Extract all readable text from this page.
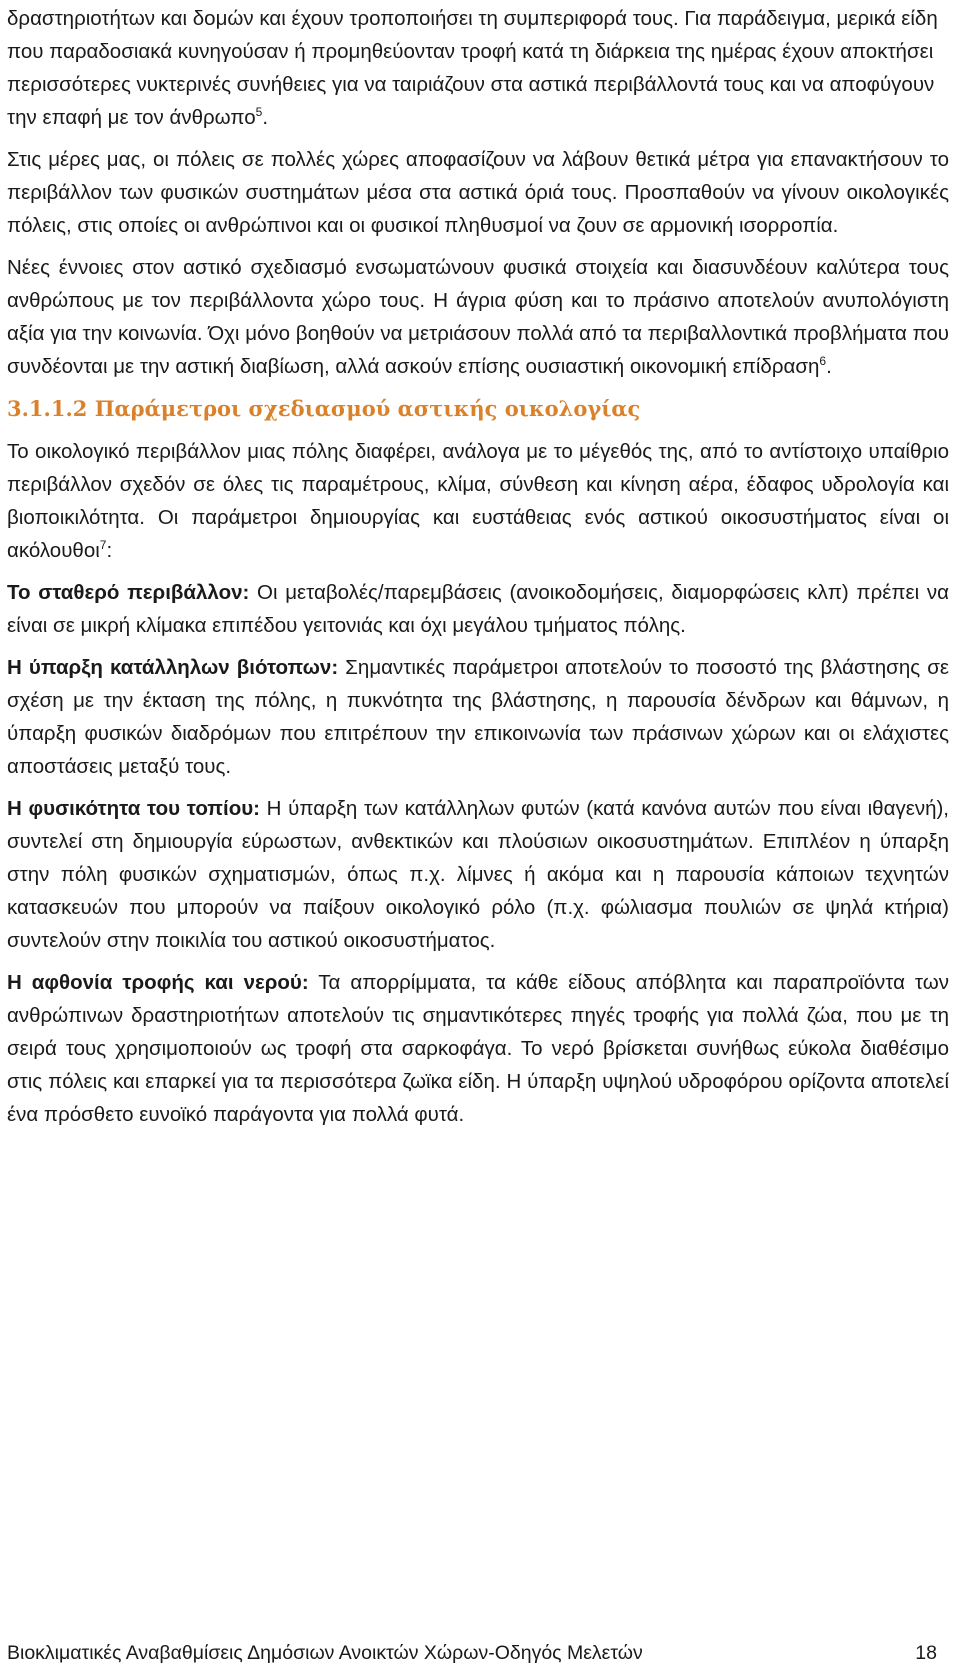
δραστηριοτήτων και δομών και έχουν τροποποιήσει τη συμπεριφορά τους. Για παράδειγμα, μερικά είδη που παραδοσιακά κυνηγούσαν ή προμηθεύονταν τροφή κατά τη διάρκεια της ημέρας έχουν αποκτήσει περισσότερες νυκτερινές συνήθειες για να ταιριάζουν στα αστικά περιβάλλοντά τους και να αποφύγουν την επαφή με τον άνθρωπο$^5$.

Στις μέρες μας, οι πόλεις σε πολλές χώρες αποφασίζουν να λάβουν θετικά μέτρα για επανακτήσουν το περιβάλλον των φυσικών συστημάτων μέσα στα αστικά όριά τους. Προσπαθούν να γίνουν οικολογικές πόλεις, στις οποίες οι ανθρώπινοι και οι φυσικοί πληθυσμοί να ζουν σε αρμονική ισορροπία.

Νέες έννοιες στον αστικό σχεδιασμό ενσωματώνουν φυσικά στοιχεία και διασυνδέουν καλύτερα τους ανθρώπους με τον περιβάλλοντα χώρο τους. Η άγρια φύση και το πράσινο αποτελούν ανυπολόγιστη αξία για την κοινωνία. Όχι μόνο βοηθούν να μετριάσουν πολλά από τα περιβαλλοντικά προβλήματα που συνδέονται με την αστική διαβίωση, αλλά ασκούν επίσης ουσιαστική οικονομική επίδραση$^6$.

3.1.1.2 Παράμετροι σχεδιασμού αστικής οικολογίας

Το οικολογικό περιβάλλον μιας πόλης διαφέρει, ανάλογα με το μέγεθός της, από το αντίστοιχο υπαίθριο περιβάλλον σχεδόν σε όλες τις παραμέτρους, κλίμα, σύνθεση και κίνηση αέρα, έδαφος υδρολογία και βιοποικιλότητα. Οι παράμετροι δημιουργίας και ευστάθειας ενός αστικού οικοσυστήματος είναι οι ακόλουθοι$^7$:

Το σταθερό περιβάλλον: Οι μεταβολές/παρεμβάσεις (ανοικοδομήσεις, διαμορφώσεις κλπ) πρέπει να είναι σε μικρή κλίμακα επιπέδου γειτονιάς και όχι μεγάλου τμήματος πόλης.

Η ύπαρξη κατάλληλων βιότοπων: Σημαντικές παράμετροι αποτελούν το ποσοστό της βλάστησης σε σχέση με την έκταση της πόλης, η πυκνότητα της βλάστησης, η παρουσία δένδρων και θάμνων, η ύπαρξη φυσικών διαδρόμων που επιτρέπουν την επικοινωνία των πράσινων χώρων και οι ελάχιστες αποστάσεις μεταξύ τους.

Η φυσικότητα του τοπίου: Η ύπαρξη των κατάλληλων φυτών (κατά κανόνα αυτών που είναι ιθαγενή), συντελεί στη δημιουργία εύρωστων, ανθεκτικών και πλούσιων οικοσυστημάτων. Επιπλέον η ύπαρξη στην πόλη φυσικών σχηματισμών, όπως π.χ. λίμνες ή ακόμα και η παρουσία κάποιων τεχνητών κατασκευών που μπορούν να παίξουν οικολογικό ρόλο (π.χ. φώλιασμα πουλιών σε ψηλά κτήρια) συντελούν στην ποικιλία του αστικού οικοσυστήματος.

Η αφθονία τροφής και νερού: Τα απορρίμματα, τα κάθε είδους απόβλητα και παραπροϊόντα των ανθρώπινων δραστηριοτήτων αποτελούν τις σημαντικότερες πηγές τροφής για πολλά ζώα, που με τη σειρά τους χρησιμοποιούν ως τροφή στα σαρκοφάγα. Το νερό βρίσκεται συνήθως εύκολα διαθέσιμο στις πόλεις και επαρκεί για τα περισσότερα ζωϊκα είδη. Η ύπαρξη υψηλού υδροφόρου ορίζοντα αποτελεί ένα πρόσθετο ευνοϊκό παράγοντα για πολλά φυτά.

Βιοκλιματικές Αναβαθμίσεις Δημόσιων Ανοικτών Χώρων-Οδηγός Μελετών	18
